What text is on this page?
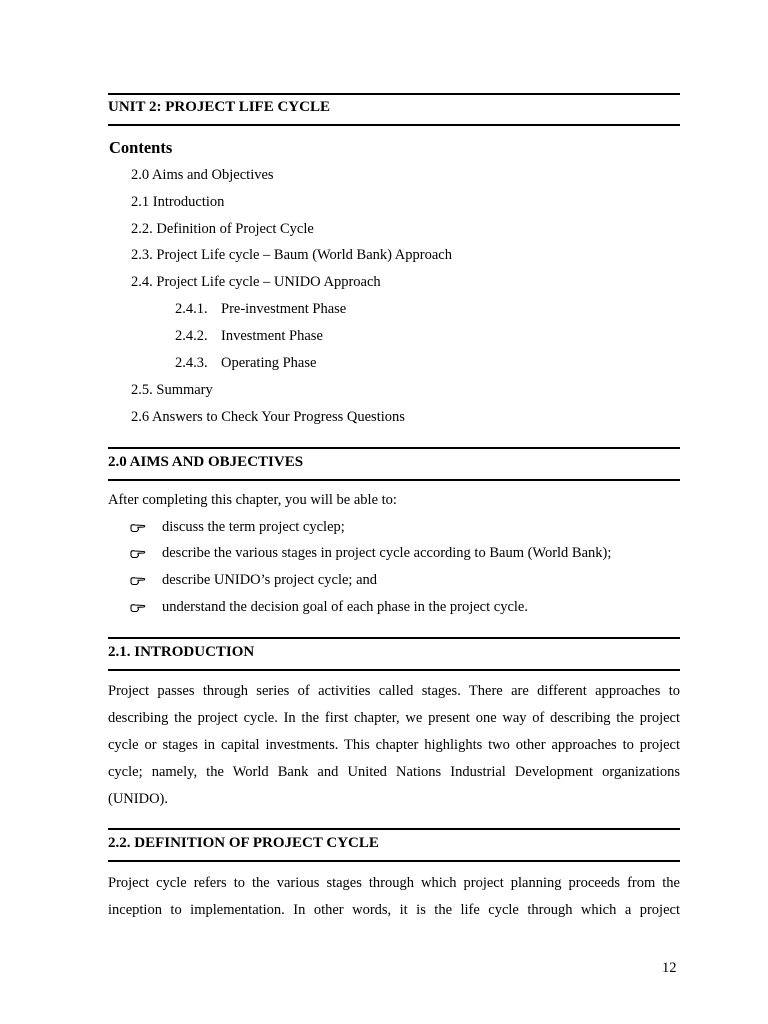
UNIT 2: PROJECT LIFE CYCLE
Contents
2.0 Aims and Objectives
2.1 Introduction
2.2. Definition of Project Cycle
2.3. Project Life cycle – Baum (World Bank) Approach
2.4. Project Life cycle – UNIDO Approach
2.4.1. Pre-investment Phase
2.4.2. Investment Phase
2.4.3. Operating Phase
2.5. Summary
2.6 Answers to Check Your Progress Questions
2.0 AIMS AND OBJECTIVES
After completing this chapter, you will be able to:
discuss the term project cyclep;
describe the various stages in project cycle according to Baum (World Bank);
describe UNIDO’s project cycle; and
understand the decision goal of each phase in the project cycle.
2.1. INTRODUCTION
Project passes through series of activities called stages. There are different approaches to
describing the project cycle. In the first chapter, we present one way of describing the project
cycle or stages in capital investments. This chapter highlights two other approaches to project
cycle; namely, the World Bank and United Nations Industrial Development organizations
(UNIDO).
2.2. DEFINITION OF PROJECT CYCLE
Project cycle refers to the various stages through which project planning proceeds from the
inception to implementation. In other words, it is the life cycle through which a project
12
